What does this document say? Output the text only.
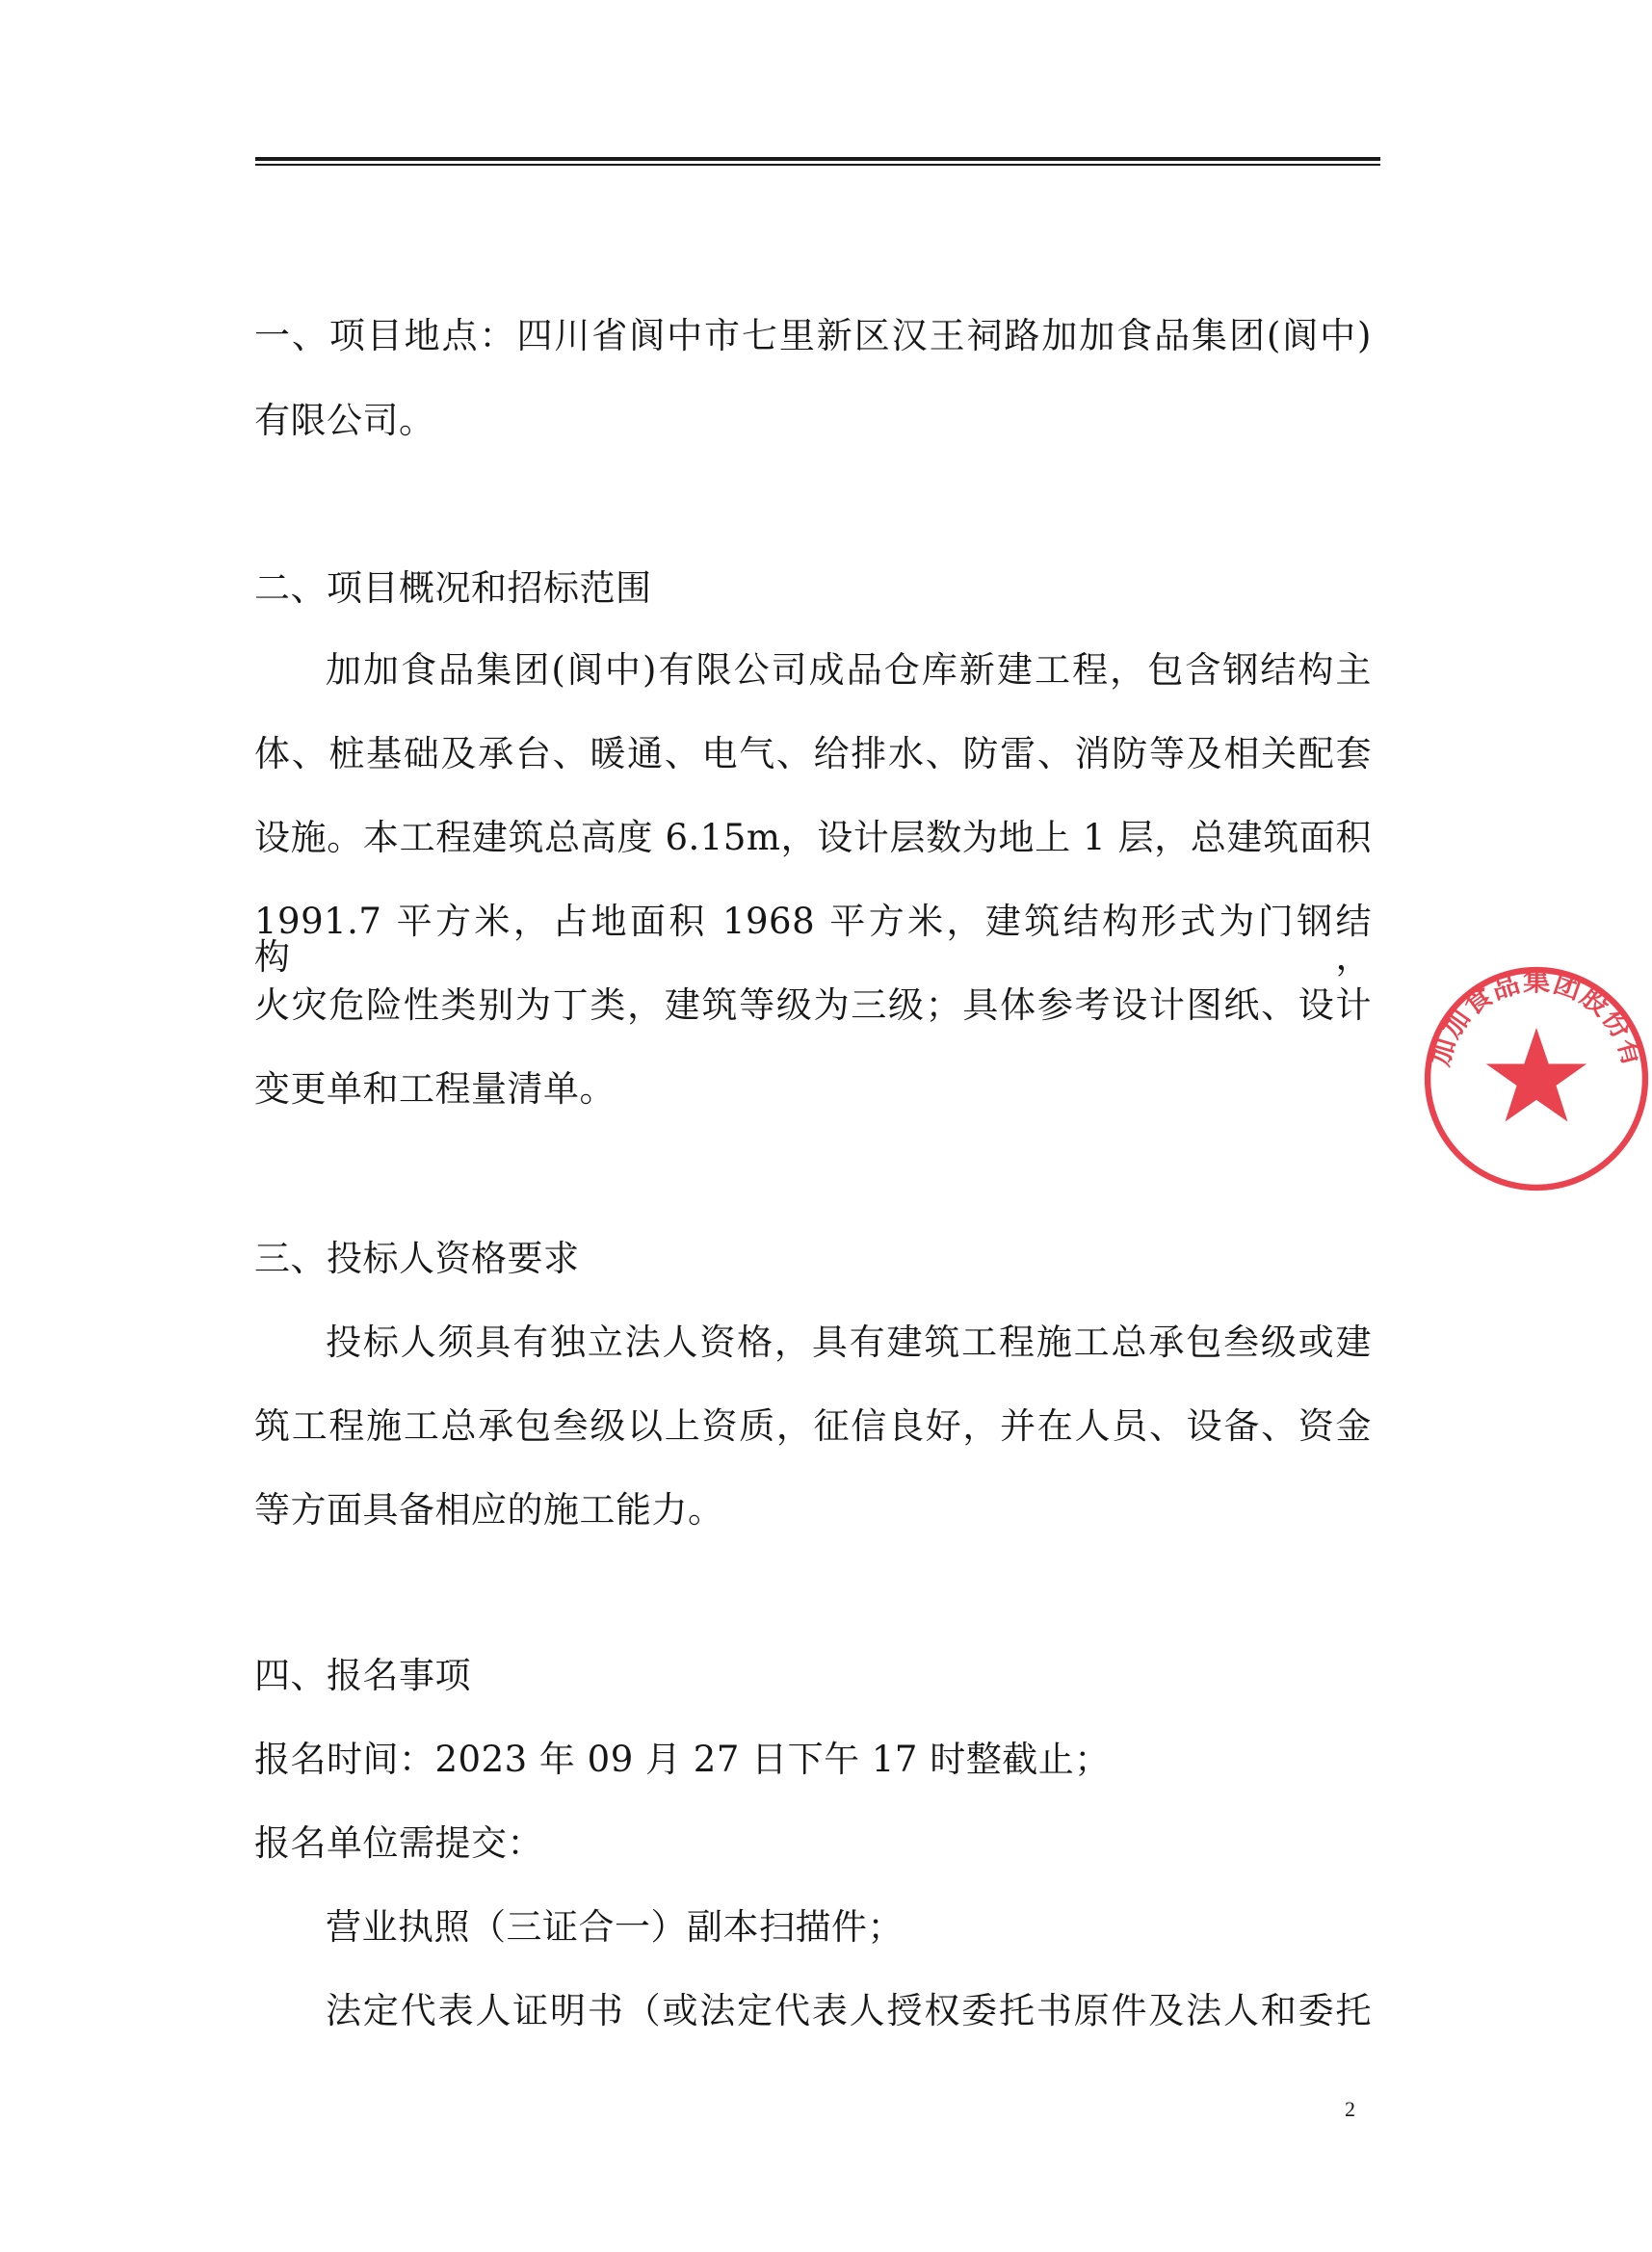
一、项目地点：四川省阆中市七里新区汉王祠路加加食品集团(阆中)
有限公司。
二、项目概况和招标范围
加加食品集团(阆中)有限公司成品仓库新建工程，包含钢结构主
体、桩基础及承台、暖通、电气、给排水、防雷、消防等及相关配套
设施。本工程建筑总高度 6.15m，设计层数为地上 1 层，总建筑面积
1991.7 平方米，占地面积 1968 平方米，建筑结构形式为门钢结构，
火灾危险性类别为丁类，建筑等级为三级；具体参考设计图纸、设计
变更单和工程量清单。
三、投标人资格要求
投标人须具有独立法人资格，具有建筑工程施工总承包叁级或建
筑工程施工总承包叁级以上资质，征信良好，并在人员、设备、资金
等方面具备相应的施工能力。
四、报名事项
报名时间：2023 年 09 月 27 日下午 17 时整截止；
报名单位需提交：
营业执照（三证合一）副本扫描件；
法定代表人证明书（或法定代表人授权委托书原件及法人和委托
2
加加食品集团股份有限公司
